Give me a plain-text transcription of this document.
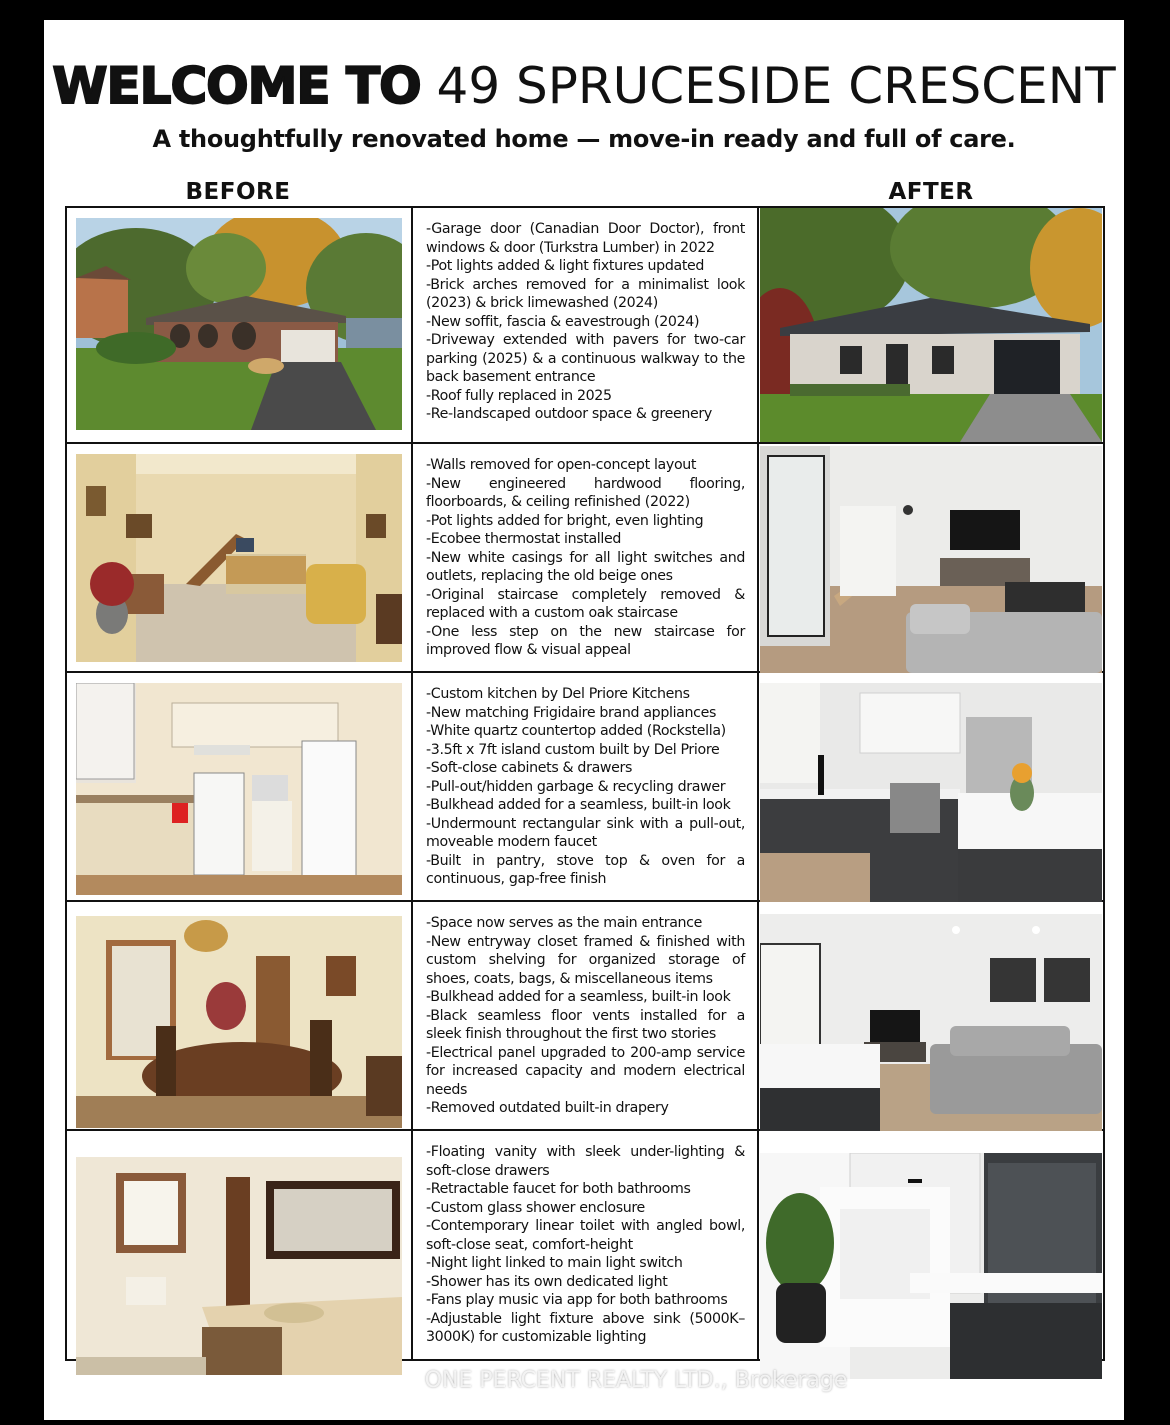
WELCOME TO 49 SPRUCESIDE CRESCENT
A thoughtfully renovated home — move-in ready and full of care.
BEFORE	AFTER
-Garage door (Canadian Door Doctor), front windows & door (Turkstra Lumber) in 2022
-Pot lights added & light fixtures updated
-Brick arches removed for a minimalist look (2023) & brick limewashed (2024)
-New soffit, fascia & eavestrough (2024)
-Driveway extended with pavers for two-car parking (2025) & a continuous walkway to the back basement entrance
-Roof fully replaced in 2025
-Re-landscaped outdoor space & greenery
-Walls removed for open-concept layout
-New engineered hardwood flooring, floorboards, & ceiling refinished (2022)
-Pot lights added for bright, even lighting
-Ecobee thermostat installed
-New white casings for all light switches and outlets, replacing the old beige ones
-Original staircase completely removed & replaced with a custom oak staircase
-One less step on the new staircase for improved flow & visual appeal
-Custom kitchen by Del Priore Kitchens
-New matching Frigidaire brand appliances
-White quartz countertop added (Rockstella)
-3.5ft x 7ft island custom built by Del Priore
-Soft-close cabinets & drawers
-Pull-out/hidden garbage & recycling drawer
-Bulkhead added for a seamless, built-in look
-Undermount rectangular sink with a pull-out, moveable modern faucet
-Built in pantry, stove top & oven for a continuous, gap-free finish
-Space now serves as the main entrance
-New entryway closet framed & finished with custom shelving for organized storage of shoes, coats, bags, & miscellaneous items
-Bulkhead added for a seamless, built-in look
-Black seamless floor vents installed for a sleek finish throughout the first two stories
-Electrical panel upgraded to 200-amp service for increased capacity and modern electrical needs
-Removed outdated built-in drapery
-Floating vanity with sleek under-lighting & soft-close drawers
-Retractable faucet for both bathrooms
-Custom glass shower enclosure
-Contemporary linear toilet with angled bowl, soft-close seat, comfort-height
-Night light linked to main light switch
-Shower has its own dedicated light
-Fans play music via app for both bathrooms
-Adjustable light fixture above sink (5000K–3000K) for customizable lighting
ONE PERCENT REALTY LTD., Brokerage
